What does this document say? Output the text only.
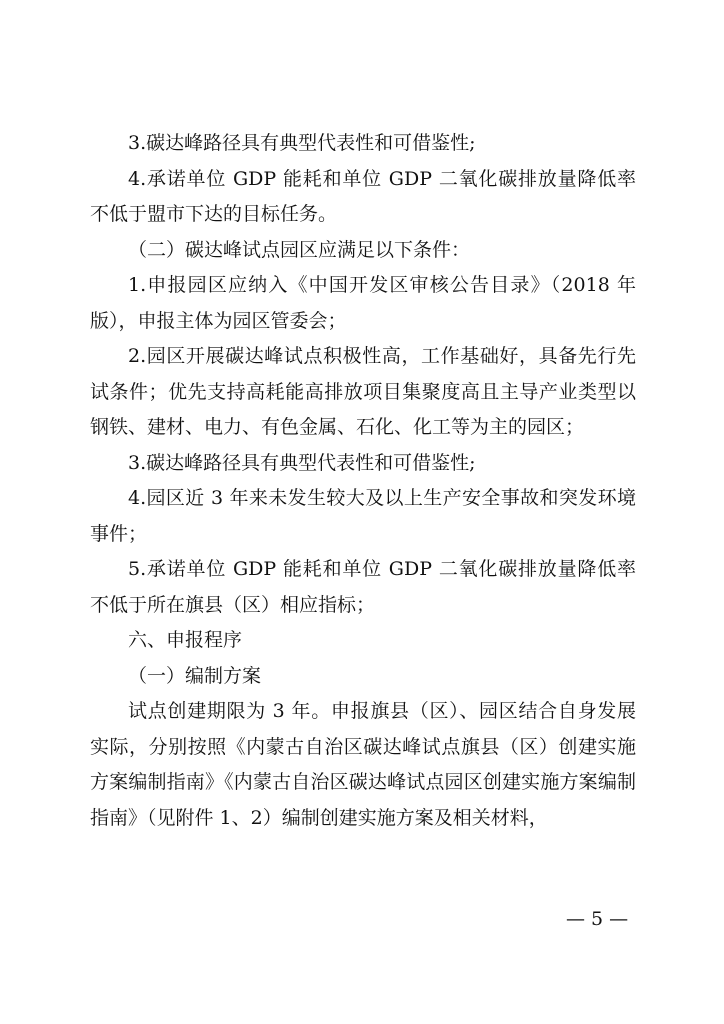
3.碳达峰路径具有典型代表性和可借鉴性;

4.承诺单位 GDP 能耗和单位 GDP 二氧化碳排放量降低率不低于盟市下达的目标任务。

（二）碳达峰试点园区应满足以下条件：

1.申报园区应纳入《中国开发区审核公告目录》（2018 年版），申报主体为园区管委会；

2.园区开展碳达峰试点积极性高，工作基础好，具备先行先试条件；优先支持高耗能高排放项目集聚度高且主导产业类型以钢铁、建材、电力、有色金属、石化、化工等为主的园区；

3.碳达峰路径具有典型代表性和可借鉴性;

4.园区近 3 年来未发生较大及以上生产安全事故和突发环境事件；

5.承诺单位 GDP 能耗和单位 GDP 二氧化碳排放量降低率不低于所在旗县（区）相应指标；

六、申报程序

（一）编制方案

试点创建期限为 3 年。申报旗县（区）、园区结合自身发展实际，分别按照《内蒙古自治区碳达峰试点旗县（区）创建实施方案编制指南》《内蒙古自治区碳达峰试点园区创建实施方案编制指南》（见附件 1、2）编制创建实施方案及相关材料，

— 5 —
